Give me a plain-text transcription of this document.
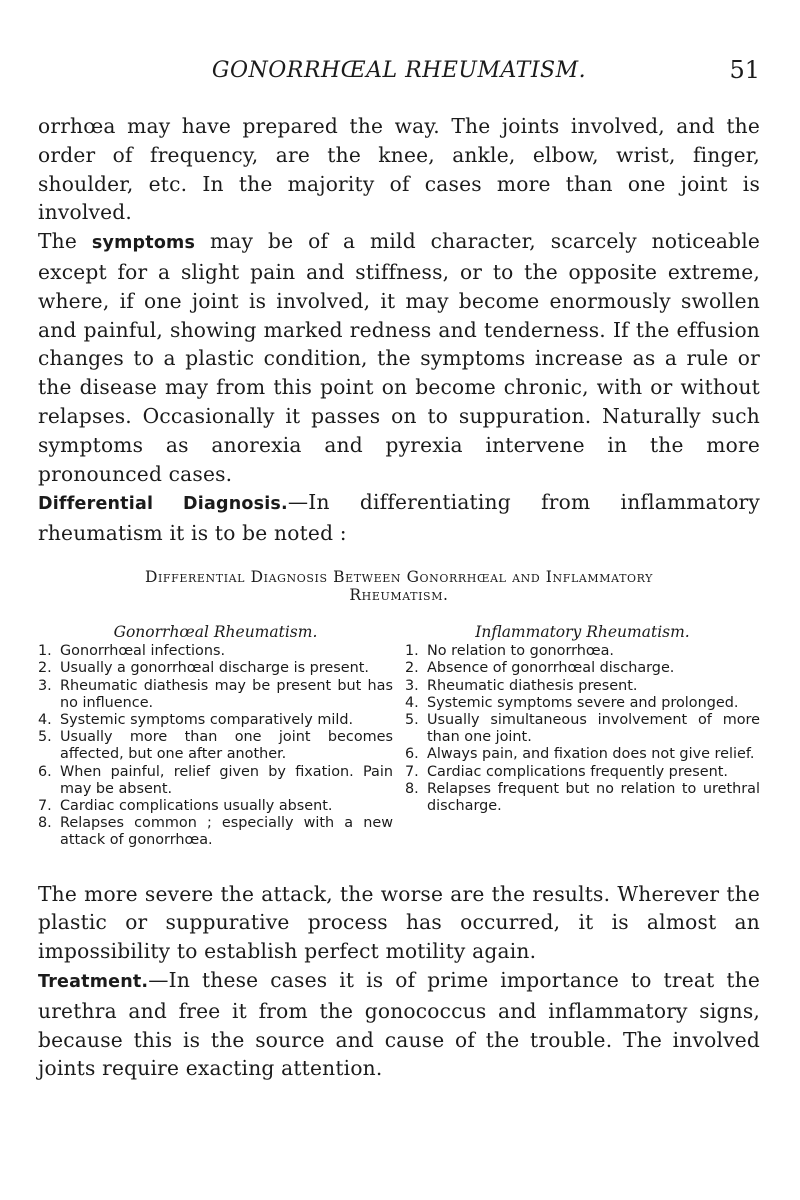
GONORRHŒAL RHEUMATISM.	51

orrhœa may have prepared the way. The joints involved, and the order of frequency, are the knee, ankle, elbow, wrist, finger, shoulder, etc. In the majority of cases more than one joint is involved.

The symptoms may be of a mild character, scarcely noticeable except for a slight pain and stiffness, or to the opposite extreme, where, if one joint is involved, it may become enormously swollen and painful, showing marked redness and tenderness. If the effusion changes to a plastic condition, the symptoms increase as a rule or the disease may from this point on become chronic, with or without relapses. Occasionally it passes on to suppuration. Naturally such symptoms as anorexia and pyrexia intervene in the more pronounced cases.

Differential Diagnosis.—In differentiating from inflammatory rheumatism it is to be noted :

Differential Diagnosis Between Gonorrhœal and Inflammatory
Rheumatism.
Gonorrhœal Rheumatism.
1. Gonorrhœal infections.
2. Usually a gonorrhœal discharge is present.
3. Rheumatic diathesis may be present but has no influence.
4. Systemic symptoms comparatively mild.
5. Usually more than one joint becomes affected, but one after another.
6. When painful, relief given by fixation. Pain may be absent.
7. Cardiac complications usually absent.
8. Relapses common ; especially with a new attack of gonorrhœa.
Inflammatory Rheumatism.
1. No relation to gonorrhœa.
2. Absence of gonorrhœal discharge.
3. Rheumatic diathesis present.
4. Systemic symptoms severe and prolonged.
5. Usually simultaneous involvement of more than one joint.
6. Always pain, and fixation does not give relief.
7. Cardiac complications frequently present.
8. Relapses frequent but no relation to urethral discharge.

The more severe the attack, the worse are the results. Wherever the plastic or suppurative process has occurred, it is almost an impossibility to establish perfect motility again.

Treatment.—In these cases it is of prime importance to treat the urethra and free it from the gonococcus and inflammatory signs, because this is the source and cause of the trouble. The involved joints require exacting attention.
